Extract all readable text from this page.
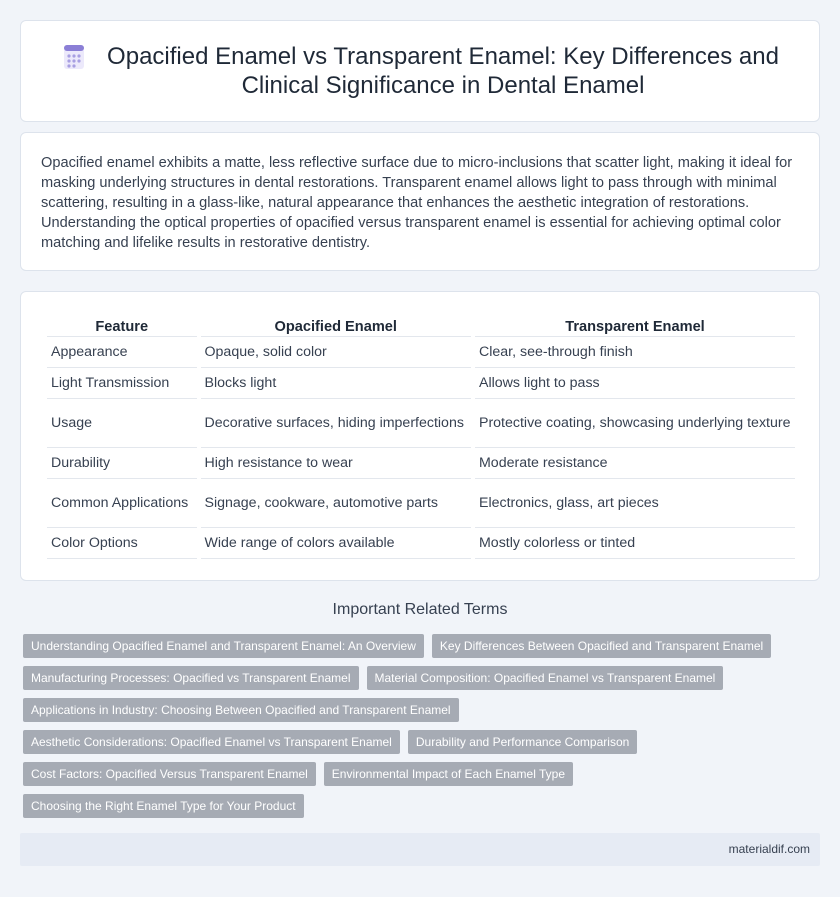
Opacified Enamel vs Transparent Enamel: Key Differences and Clinical Significance in Dental Enamel

Opacified enamel exhibits a matte, less reflective surface due to micro-inclusions that scatter light, making it ideal for masking underlying structures in dental restorations. Transparent enamel allows light to pass through with minimal scattering, resulting in a glass-like, natural appearance that enhances the aesthetic integration of restorations. Understanding the optical properties of opacified versus transparent enamel is essential for achieving optimal color matching and lifelike results in restorative dentistry.

Feature	Opacified Enamel	Transparent Enamel
Appearance	Opaque, solid color	Clear, see-through finish
Light Transmission	Blocks light	Allows light to pass
Usage	Decorative surfaces, hiding imperfections	Protective coating, showcasing underlying texture
Durability	High resistance to wear	Moderate resistance
Common Applications	Signage, cookware, automotive parts	Electronics, glass, art pieces
Color Options	Wide range of colors available	Mostly colorless or tinted
Important Related Terms
Understanding Opacified Enamel and Transparent Enamel: An Overview	Key Differences Between Opacified and Transparent Enamel
Manufacturing Processes: Opacified vs Transparent Enamel	Material Composition: Opacified Enamel vs Transparent Enamel
Applications in Industry: Choosing Between Opacified and Transparent Enamel
Aesthetic Considerations: Opacified Enamel vs Transparent Enamel	Durability and Performance Comparison
Cost Factors: Opacified Versus Transparent Enamel	Environmental Impact of Each Enamel Type
Choosing the Right Enamel Type for Your Product
materialdif.com
